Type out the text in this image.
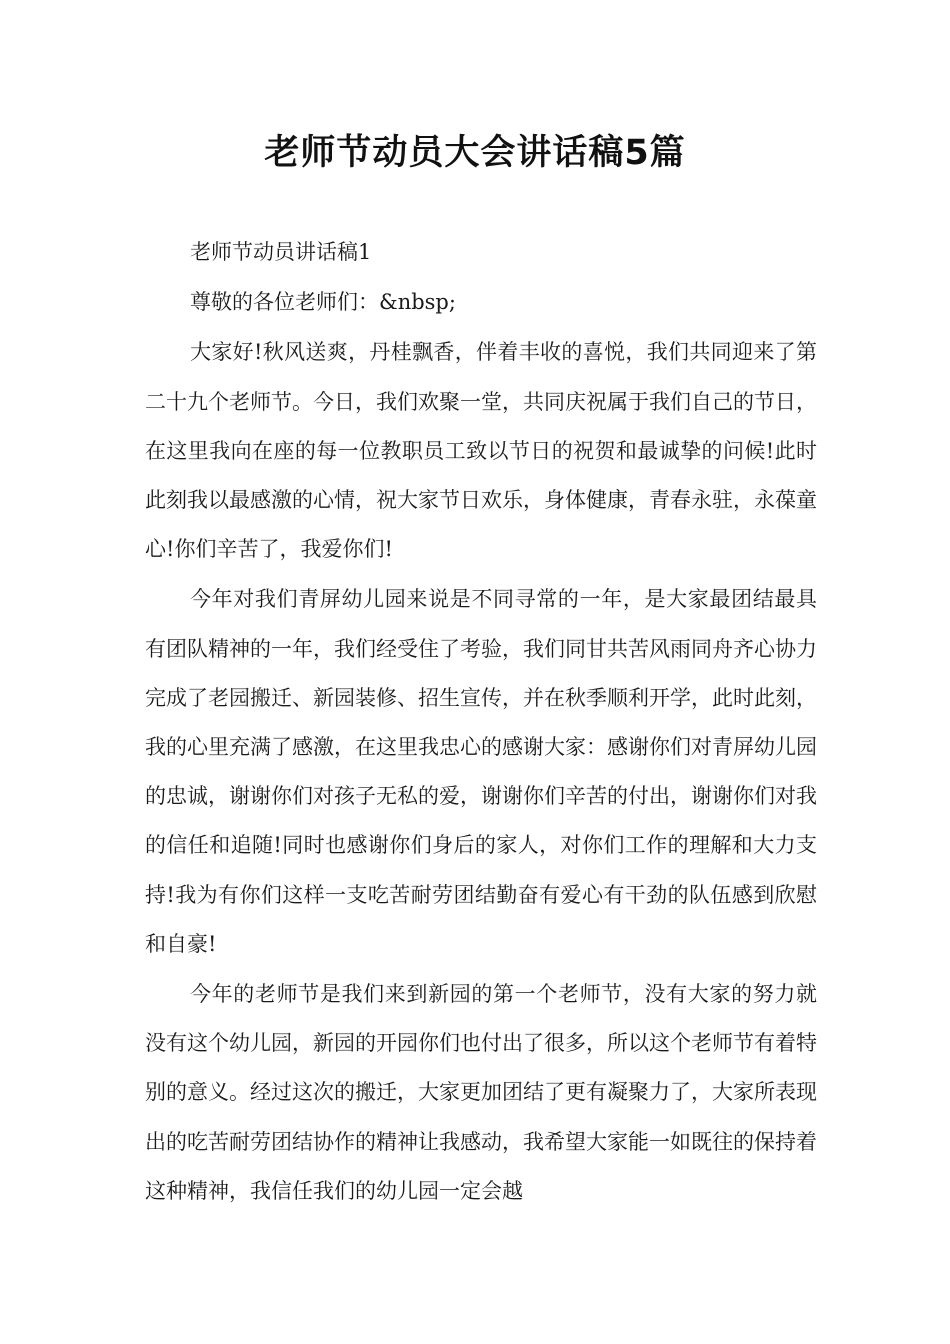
老师节动员大会讲话稿5篇

老师节动员讲话稿1

尊敬的各位老师们：&nbsp;

大家好!秋风送爽，丹桂飘香，伴着丰收的喜悦，我们共同迎来了第二十九个老师节。今日，我们欢聚一堂，共同庆祝属于我们自己的节日，在这里我向在座的每一位教职员工致以节日的祝贺和最诚挚的问候!此时此刻我以最感激的心情，祝大家节日欢乐，身体健康，青春永驻，永葆童心!你们辛苦了，我爱你们!

今年对我们青屏幼儿园来说是不同寻常的一年，是大家最团结最具有团队精神的一年，我们经受住了考验，我们同甘共苦风雨同舟齐心协力完成了老园搬迁、新园装修、招生宣传，并在秋季顺利开学，此时此刻，我的心里充满了感激，在这里我忠心的感谢大家：感谢你们对青屏幼儿园的忠诚，谢谢你们对孩子无私的爱，谢谢你们辛苦的付出，谢谢你们对我的信任和追随!同时也感谢你们身后的家人，对你们工作的理解和大力支持!我为有你们这样一支吃苦耐劳团结勤奋有爱心有干劲的队伍感到欣慰和自豪!

今年的老师节是我们来到新园的第一个老师节，没有大家的努力就没有这个幼儿园，新园的开园你们也付出了很多，所以这个老师节有着特别的意义。经过这次的搬迁，大家更加团结了更有凝聚力了，大家所表现出的吃苦耐劳团结协作的精神让我感动，我希望大家能一如既往的保持着这种精神，我信任我们的幼儿园一定会越
